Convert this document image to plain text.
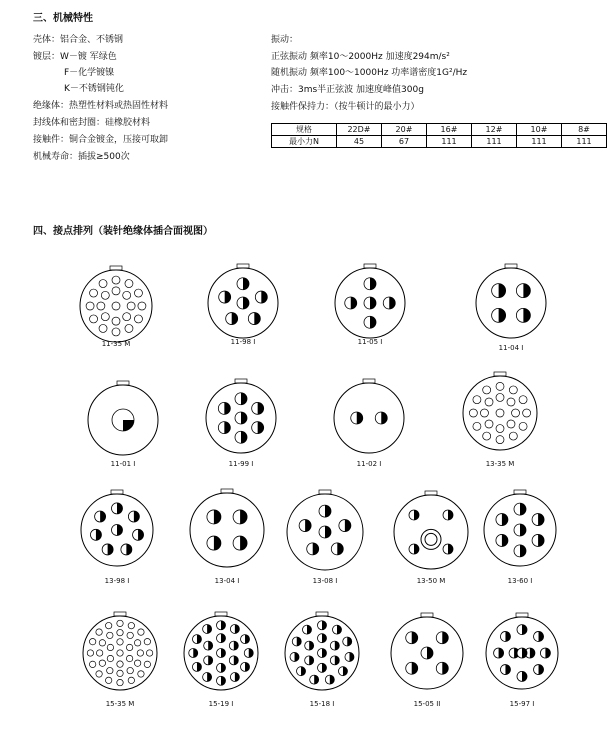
三、机械特性
壳体：铝合金、不锈钢
镀层：W－镀 军绿色
F－化学镀镍
K－不锈钢钝化
绝缘体：热塑性材料或热固性材料
封线体和密封圈：硅橡胶材料
接触件：铜合金镀金，压接可取卸
机械寿命：插拔≥500次
振动：
正弦振动 频率10～2000Hz 加速度294m/s²
随机振动 频率100～1000Hz 功率谱密度1G²/Hz
冲击：3ms半正弦波 加速度峰值300g
接触件保持力：（按牛顿计的最小力）
规格	22D#	20#	16#	12#	10#	8#
最小力N	45	67	111	111	111	111
四、接点排列（装针绝缘体插合面视图）
11-35 M	11-98 I	11-05 I
11-04 I
11-01 I	11-99 I	11-02 I	13-35 M
13-98 I	13-04 I	13-08 I	13-50 M	13-60 I
15-35 M	15-19 I	15-18 I	15-05 II	15-97 I
